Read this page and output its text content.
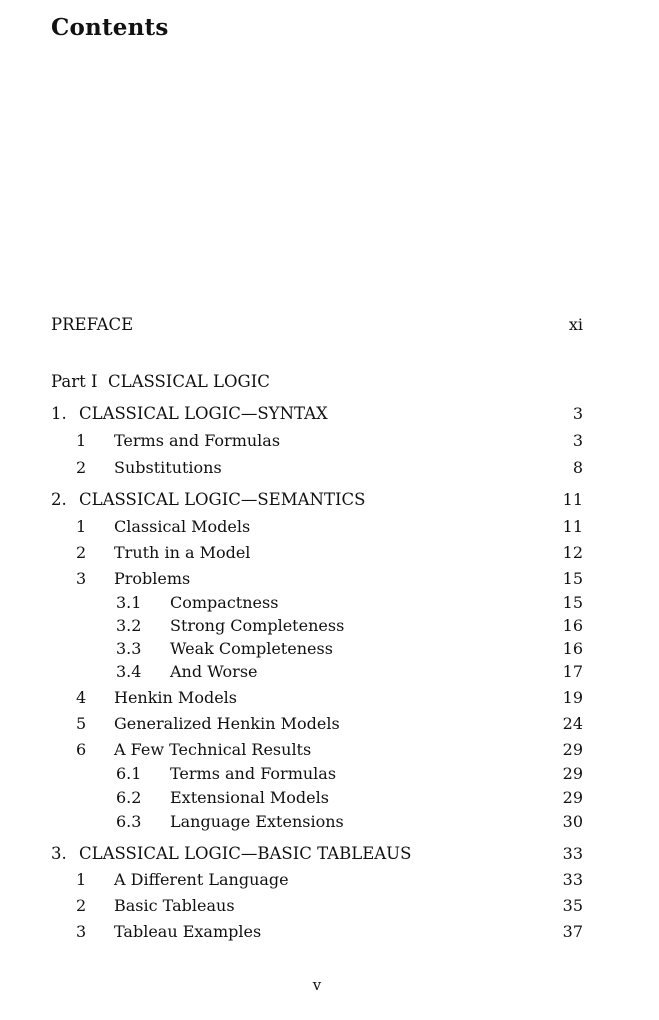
Contents
PREFACE	xi
Part I CLASSICAL LOGIC
1. CLASSICAL LOGIC—SYNTAX	3
1 Terms and Formulas	3
2 Substitutions	8
2. CLASSICAL LOGIC—SEMANTICS	11
1 Classical Models	11
2 Truth in a Model	12
3 Problems	15
3.1 Compactness	15
3.2 Strong Completeness	16
3.3 Weak Completeness	16
3.4 And Worse	17
4 Henkin Models	19
5 Generalized Henkin Models	24
6 A Few Technical Results	29
6.1 Terms and Formulas	29
6.2 Extensional Models	29
6.3 Language Extensions	30
3. CLASSICAL LOGIC—BASIC TABLEAUS	33
1 A Different Language	33
2 Basic Tableaus	35
3 Tableau Examples	37
v
